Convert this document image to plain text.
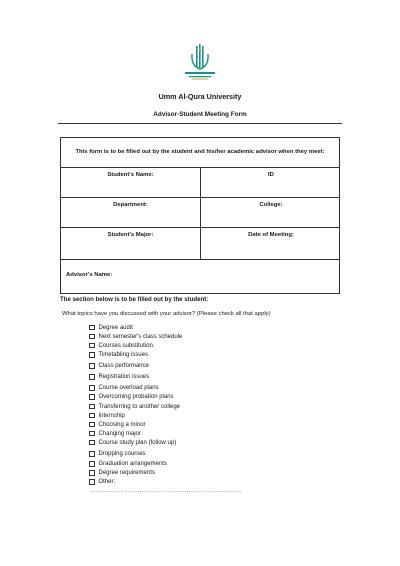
Umm Al-Qura University
Advisor-Student Meeting Form
This form is to be filled out by the student and his/her academic advisor when they meet:
Student's Name:	ID
Department:	College:
Student's Major:	Date of Meeting:
Advisor's Name:
The section below is to be filled out by the student:
What topics have you discussed with your advisor? (Please check all that apply)
Degree audit
Next semester's class schedule
Courses substitution.
Timetabling issues
Class performance
Registration issues
Course overload plans
Overcoming probation plans
Transferring to another college
Internship
Choosing a minor
Changing major
Course study plan (follow up)
Dropping courses
Graduation arrangements
Degree requirements
Other:
……………………………………………………………………..
